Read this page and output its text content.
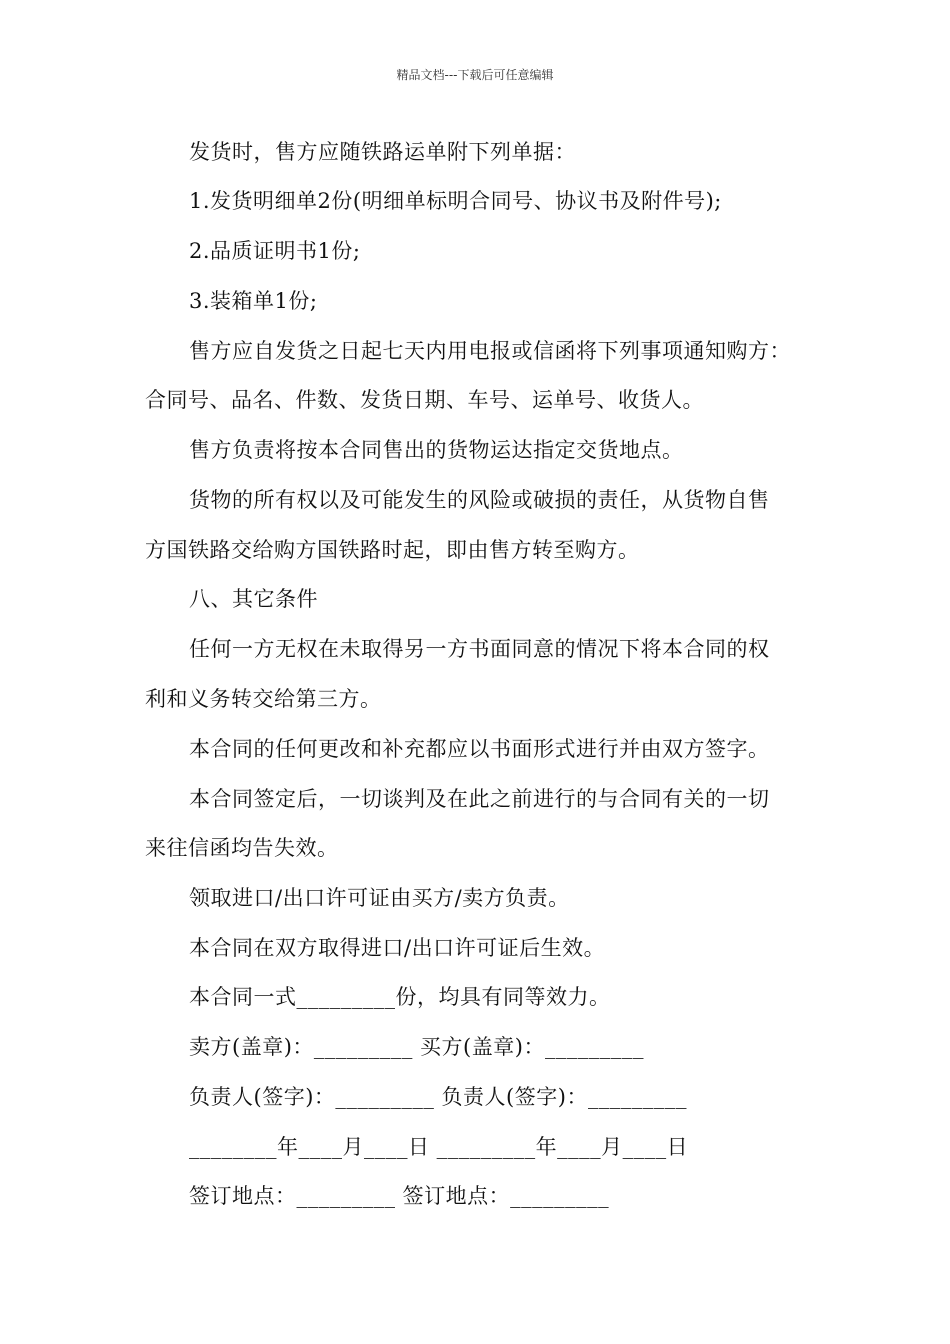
精品文档---下载后可任意编辑
发货时，售方应随铁路运单附下列单据：
1.发货明细单2份(明细单标明合同号、协议书及附件号);
2.品质证明书1份;
3.装箱单1份;
售方应自发货之日起七天内用电报或信函将下列事项通知购方：
合同号、品名、件数、发货日期、车号、运单号、收货人。
售方负责将按本合同售出的货物运达指定交货地点。
货物的所有权以及可能发生的风险或破损的责任，从货物自售
方国铁路交给购方国铁路时起，即由售方转至购方。
八、其它条件
任何一方无权在未取得另一方书面同意的情况下将本合同的权
利和义务转交给第三方。
本合同的任何更改和补充都应以书面形式进行并由双方签字。
本合同签定后，一切谈判及在此之前进行的与合同有关的一切
来往信函均告失效。
领取进口/出口许可证由买方/卖方负责。
本合同在双方取得进口/出口许可证后生效。
本合同一式_________份，均具有同等效力。
卖方(盖章)：_________ 买方(盖章)：_________
负责人(签字)：_________ 负责人(签字)：_________
________年____月____日 _________年____月____日
签订地点：_________ 签订地点：_________
